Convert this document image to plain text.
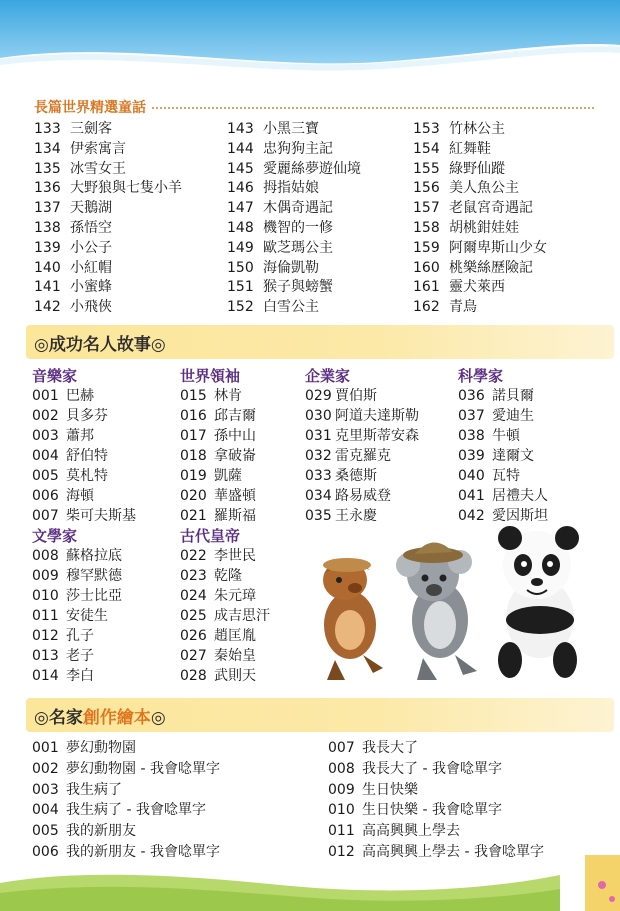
長篇世界精選童話
133 三劍客
134 伊索寓言
135 冰雪女王
136 大野狼與七隻小羊
137 天鵝湖
138 孫悟空
139 小公子
140 小紅帽
141 小蜜蜂
142 小飛俠
143 小黑三寶
144 忠狗狗主記
145 愛麗絲夢遊仙境
146 拇指姑娘
147 木偶奇遇記
148 機智的一修
149 歐芝瑪公主
150 海倫凱勒
151 猴子與螃蟹
152 白雪公主
153 竹林公主
154 紅舞鞋
155 綠野仙蹤
156 美人魚公主
157 老鼠宮奇遇記
158 胡桃鉗娃娃
159 阿爾卑斯山少女
160 桃樂絲歷險記
161 靈犬萊西
162 青鳥
◎成功名人故事◎
音樂家
001 巴赫
002 貝多芬
003 蕭邦
004 舒伯特
005 莫札特
006 海頓
007 柴可夫斯基
文學家
008 蘇格拉底
009 穆罕默德
010 莎士比亞
011 安徒生
012 孔子
013 老子
014 李白
世界領袖
015 林肯
016 邱吉爾
017 孫中山
018 拿破崙
019 凱薩
020 華盛頓
021 羅斯福
古代皇帝
022 李世民
023 乾隆
024 朱元璋
025 成吉思汗
026 趙匡胤
027 秦始皇
028 武則天
企業家
029 賈伯斯
030 阿道夫達斯勒
031 克里斯蒂安森
032 雷克羅克
033 桑德斯
034 路易威登
035 王永慶
科學家
036 諾貝爾
037 愛迪生
038 牛頓
039 達爾文
040 瓦特
041 居禮夫人
042 愛因斯坦
◎名家創作繪本◎
001 夢幻動物園
002 夢幻動物園 - 我會唸單字
003 我生病了
004 我生病了 - 我會唸單字
005 我的新朋友
006 我的新朋友 - 我會唸單字
007 我長大了
008 我長大了 - 我會唸單字
009 生日快樂
010 生日快樂 - 我會唸單字
011 高高興興上學去
012 高高興興上學去 - 我會唸單字
